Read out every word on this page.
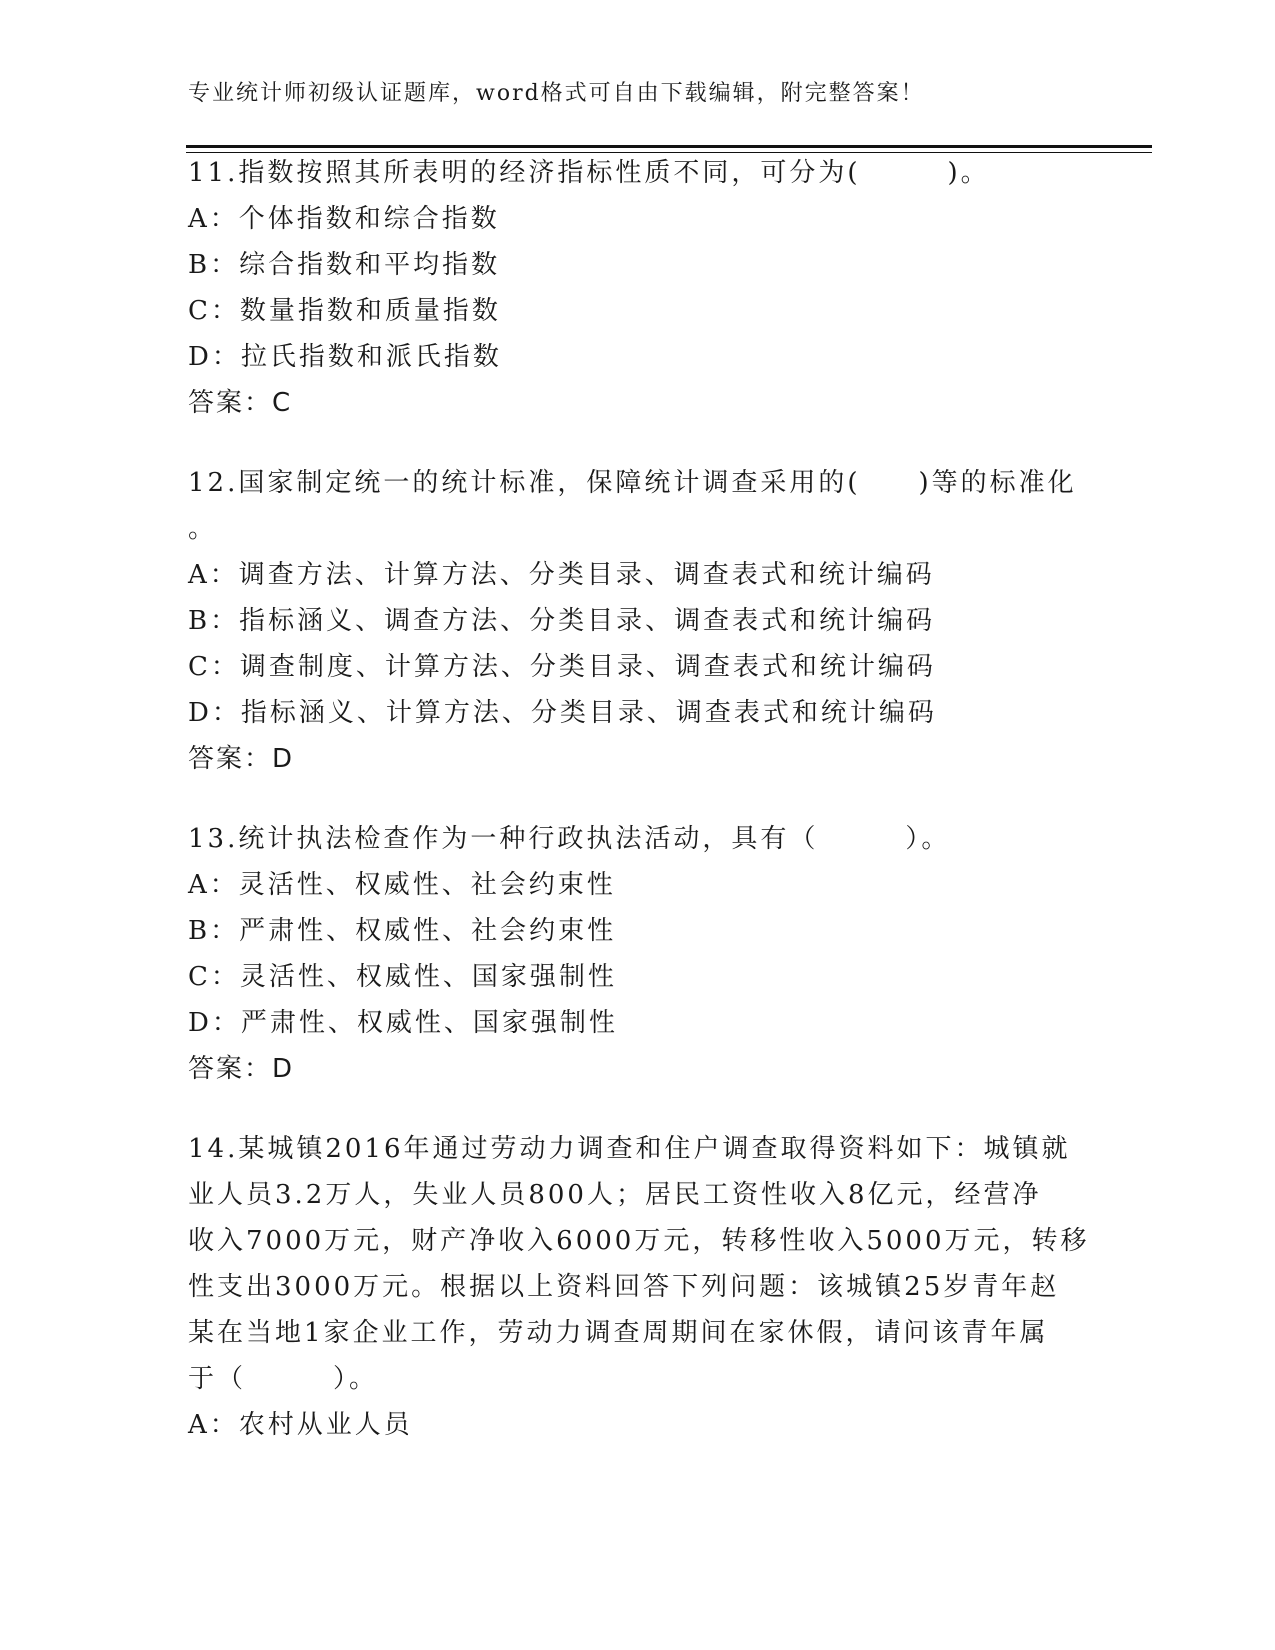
专业统计师初级认证题库，word格式可自由下载编辑，附完整答案！
11.指数按照其所表明的经济指标性质不同，可分为(　　　)。
A：个体指数和综合指数
B：综合指数和平均指数
C：数量指数和质量指数
D：拉氏指数和派氏指数
答案：C
12.国家制定统一的统计标准，保障统计调查采用的(　　)等的标准化
。
A：调查方法、计算方法、分类目录、调查表式和统计编码
B：指标涵义、调查方法、分类目录、调查表式和统计编码
C：调查制度、计算方法、分类目录、调查表式和统计编码
D：指标涵义、计算方法、分类目录、调查表式和统计编码
答案：D
13.统计执法检查作为一种行政执法活动，具有（　　　）。
A：灵活性、权威性、社会约束性
B：严肃性、权威性、社会约束性
C：灵活性、权威性、国家强制性
D：严肃性、权威性、国家强制性
答案：D
14.某城镇2016年通过劳动力调查和住户调查取得资料如下：城镇就
业人员3.2万人，失业人员800人；居民工资性收入8亿元，经营净
收入7000万元，财产净收入6000万元，转移性收入5000万元，转移
性支出3000万元。根据以上资料回答下列问题：该城镇25岁青年赵
某在当地1家企业工作，劳动力调查周期间在家休假，请问该青年属
于（　　　）。
A：农村从业人员
